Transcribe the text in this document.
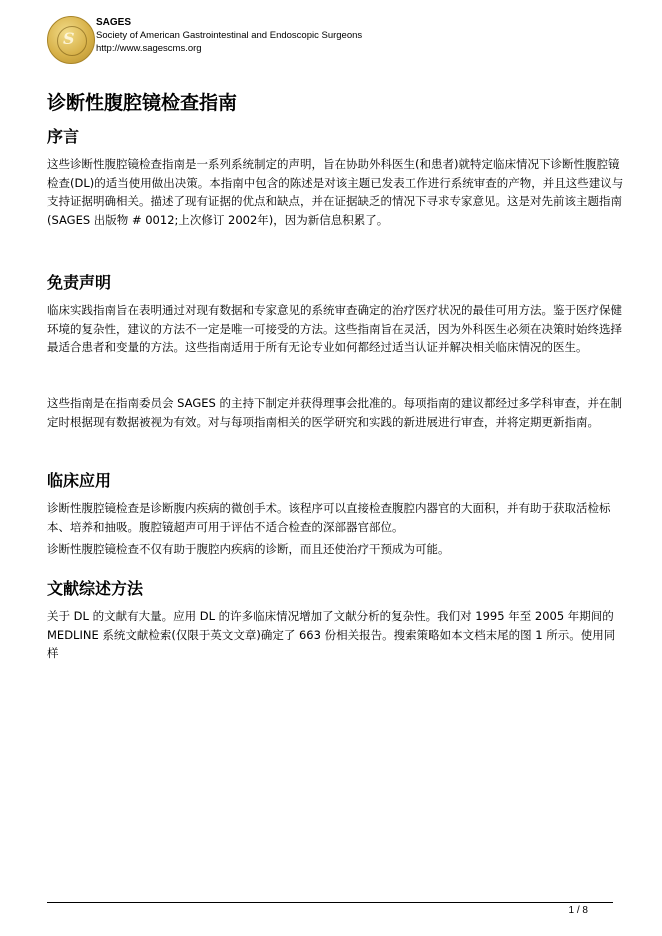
S
SAGES
Society of American Gastrointestinal and Endoscopic Surgeons
http://www.sagescms.org
诊断性腹腔镜检查指南
序言

这些诊断性腹腔镜检查指南是一系列系统制定的声明，旨在协助外科医生(和患者)就特定临床情况下诊断性腹腔镜检查(DL)的适当使用做出决策。本指南中包含的陈述是对该主题已发表工作进行系统审查的产物，并且这些建议与支持证据明确相关。描述了现有证据的优点和缺点，并在证据缺乏的情况下寻求专家意见。这是对先前该主题指南(SAGES 出版物 # 0012;上次修订 2002年)，因为新信息积累了。

免责声明

临床实践指南旨在表明通过对现有数据和专家意见的系统审查确定的治疗医疗状况的最佳可用方法。鉴于医疗保健环境的复杂性，建议的方法不一定是唯一可接受的方法。这些指南旨在灵活，因为外科医生必须在决策时始终选择最适合患者和变量的方法。这些指南适用于所有无论专业如何都经过适当认证并解决相关临床情况的医生。

这些指南是在指南委员会 SAGES 的主持下制定并获得理事会批准的。每项指南的建议都经过多学科审查，并在制定时根据现有数据被视为有效。对与每项指南相关的医学研究和实践的新进展进行审查，并将定期更新指南。

临床应用

诊断性腹腔镜检查是诊断腹内疾病的微创手术。该程序可以直接检查腹腔内器官的大面积，并有助于获取活检标本、培养和抽吸。腹腔镜超声可用于评估不适合检查的深部器官部位。

诊断性腹腔镜检查不仅有助于腹腔内疾病的诊断，而且还使治疗干预成为可能。

文献综述方法

关于 DL 的文献有大量。应用 DL 的许多临床情况增加了文献分析的复杂性。我们对 1995 年至 2005 年期间的 MEDLINE 系统文献检索(仅限于英文文章)确定了 663 份相关报告。搜索策略如本文档末尾的图 1 所示。使用同样

1 / 8
